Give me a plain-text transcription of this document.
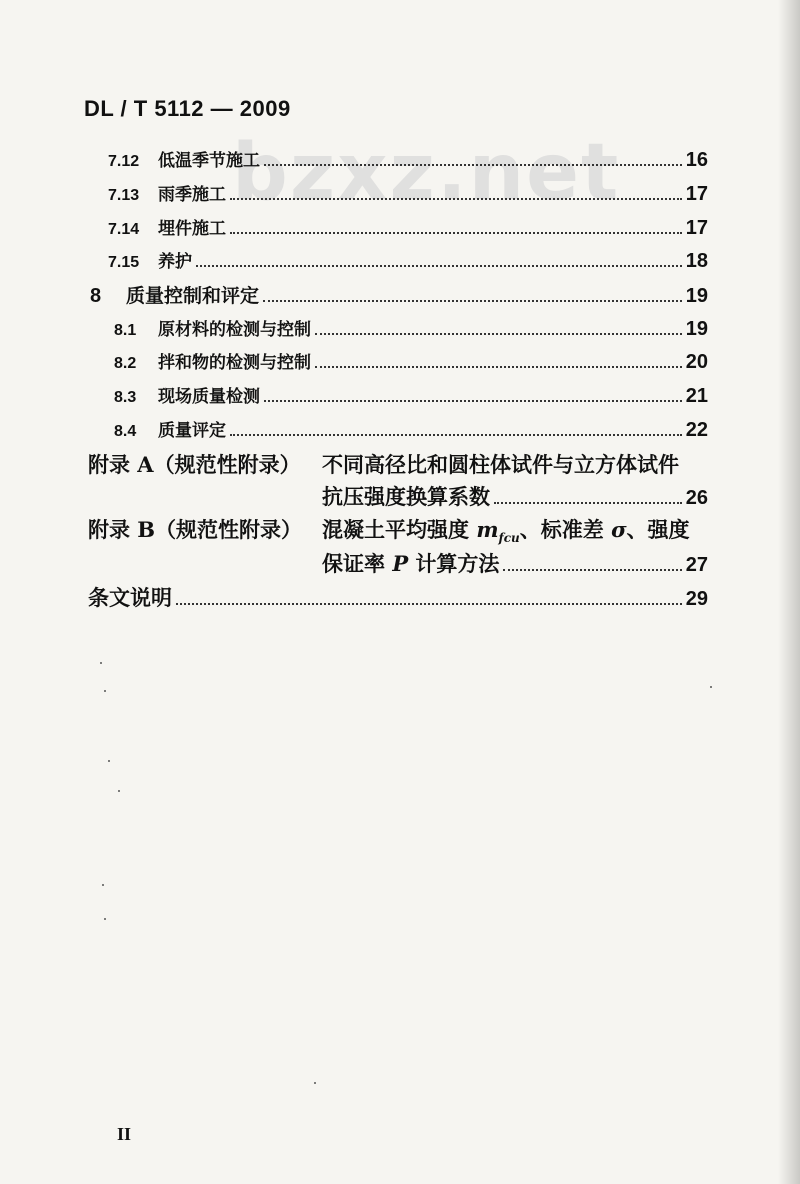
bzxz.net
DL / T 5112 — 2009
7.12	低温季节施工	16
7.13	雨季施工	17
7.14	埋件施工	17
7.15	养护	18
8	质量控制和评定	19
8.1	原材料的检测与控制	19
8.2	拌和物的检测与控制	20
8.3	现场质量检测	21
8.4	质量评定	22
附录 A（规范性附录） 不同高径比和圆柱体试件与立方体试件
抗压强度换算系数	26
附录 B（规范性附录） 混凝土平均强度 $m_{fcu}$、标准差 σ、强度
保证率 P 计算方法	27
条文说明	29
II
